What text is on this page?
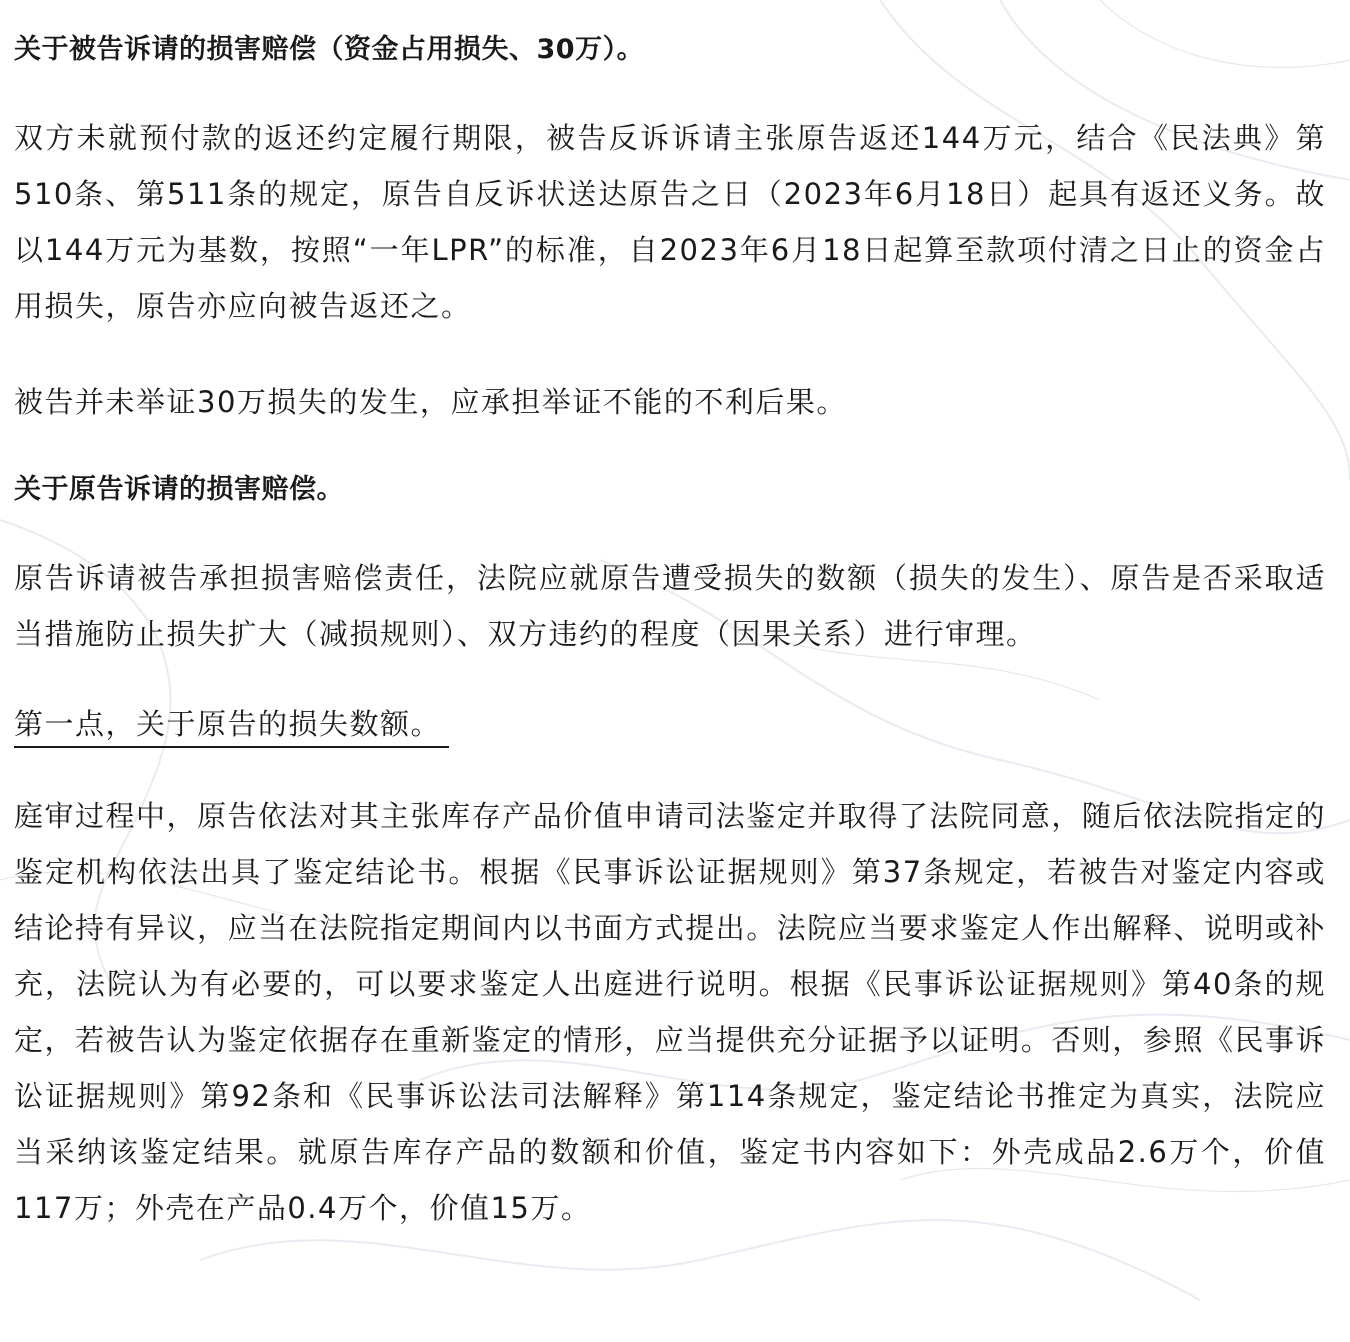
关于被告诉请的损害赔偿（资金占用损失、30万）。
双方未就预付款的返还约定履行期限，被告反诉诉请主张原告返还144万元，结合《民法典》第510条、第511条的规定，原告自反诉状送达原告之日（2023年6月18日）起具有返还义务。故以144万元为基数，按照“一年LPR”的标准，自2023年6月18日起算至款项付清之日止的资金占用损失，原告亦应向被告返还之。
被告并未举证30万损失的发生，应承担举证不能的不利后果。
关于原告诉请的损害赔偿。
原告诉请被告承担损害赔偿责任，法院应就原告遭受损失的数额（损失的发生）、原告是否采取适当措施防止损失扩大（减损规则）、双方违约的程度（因果关系）进行审理。
第一点，关于原告的损失数额。
庭审过程中，原告依法对其主张库存产品价值申请司法鉴定并取得了法院同意，随后依法院指定的鉴定机构依法出具了鉴定结论书。根据《民事诉讼证据规则》第37条规定，若被告对鉴定内容或结论持有异议，应当在法院指定期间内以书面方式提出。法院应当要求鉴定人作出解释、说明或补充，法院认为有必要的，可以要求鉴定人出庭进行说明。根据《民事诉讼证据规则》第40条的规定，若被告认为鉴定依据存在重新鉴定的情形，应当提供充分证据予以证明。否则，参照《民事诉讼证据规则》第92条和《民事诉讼法司法解释》第114条规定，鉴定结论书推定为真实，法院应当采纳该鉴定结果。就原告库存产品的数额和价值，鉴定书内容如下：外壳成品2.6万个，价值117万；外壳在产品0.4万个，价值15万。
